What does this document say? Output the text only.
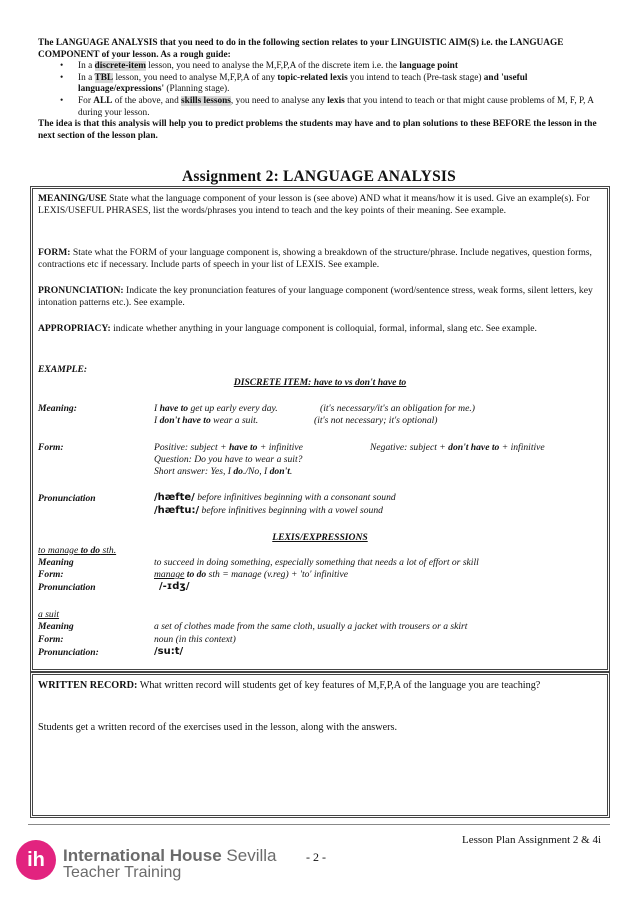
The LANGUAGE ANALYSIS that you need to do in the following section relates to your LINGUISTIC AIM(S) i.e. the LANGUAGE COMPONENT of your lesson. As a rough guide:
• In a discrete-item lesson, you need to analyse the M,F,P,A of the discrete item i.e. the language point
• In a TBL lesson, you need to analyse M,F,P,A of any topic-related lexis you intend to teach (Pre-task stage) and 'useful language/expressions' (Planning stage).
• For ALL of the above, and skills lessons, you need to analyse any lexis that you intend to teach or that might cause problems of M, F, P, A during your lesson.
The idea is that this analysis will help you to predict problems the students may have and to plan solutions to these BEFORE the lesson in the next section of the lesson plan.
Assignment 2: LANGUAGE ANALYSIS
MEANING/USE State what the language component of your lesson is (see above) AND what it means/how it is used. Give an example(s). For LEXIS/USEFUL PHRASES, list the words/phrases you intend to teach and the key points of their meaning. See example.
FORM: State what the FORM of your language component is, showing a breakdown of the structure/phrase. Include negatives, question forms, contractions etc if necessary. Include parts of speech in your list of LEXIS. See example.
PRONUNCIATION: Indicate the key pronunciation features of your language component (word/sentence stress, weak forms, silent letters, key intonation patterns etc.). See example.
APPROPRIACY: indicate whether anything in your language component is colloquial, formal, informal, slang etc. See example.
EXAMPLE:
DISCRETE ITEM: have to vs don't have to
Meaning:	I have to get up early every day.	(it's necessary/it's an obligation for me.)
I don't have to wear a suit.	(it's not necessary; it's optional)
Form:	Positive: subject + have to + infinitive	Negative: subject + don't have to + infinitive
Question: Do you have to wear a suit?
Short answer: Yes, I do./No, I don't.
Pronunciation	/hæfte/ before infinitives beginning with a consonant sound
/hæftu:/ before infinitives beginning with a vowel sound
LEXIS/EXPRESSIONS
to manage to do sth.
Meaning	to succeed in doing something, especially something that needs a lot of effort or skill
Form:	manage to do sth = manage (v.reg) + 'to' infinitive
Pronunciation	/-ɪdʒ/
a suit
Meaning	a set of clothes made from the same cloth, usually a jacket with trousers or a skirt
Form:	noun (in this context)
Pronunciation:	/su:t/
WRITTEN RECORD: What written record will students get of key features of M,F,P,A of the language you are teaching?
Students get a written record of the exercises used in the lesson, along with the answers.
Lesson Plan Assignment 2 & 4i
ih	International House Sevilla
Teacher Training
- 2 -
